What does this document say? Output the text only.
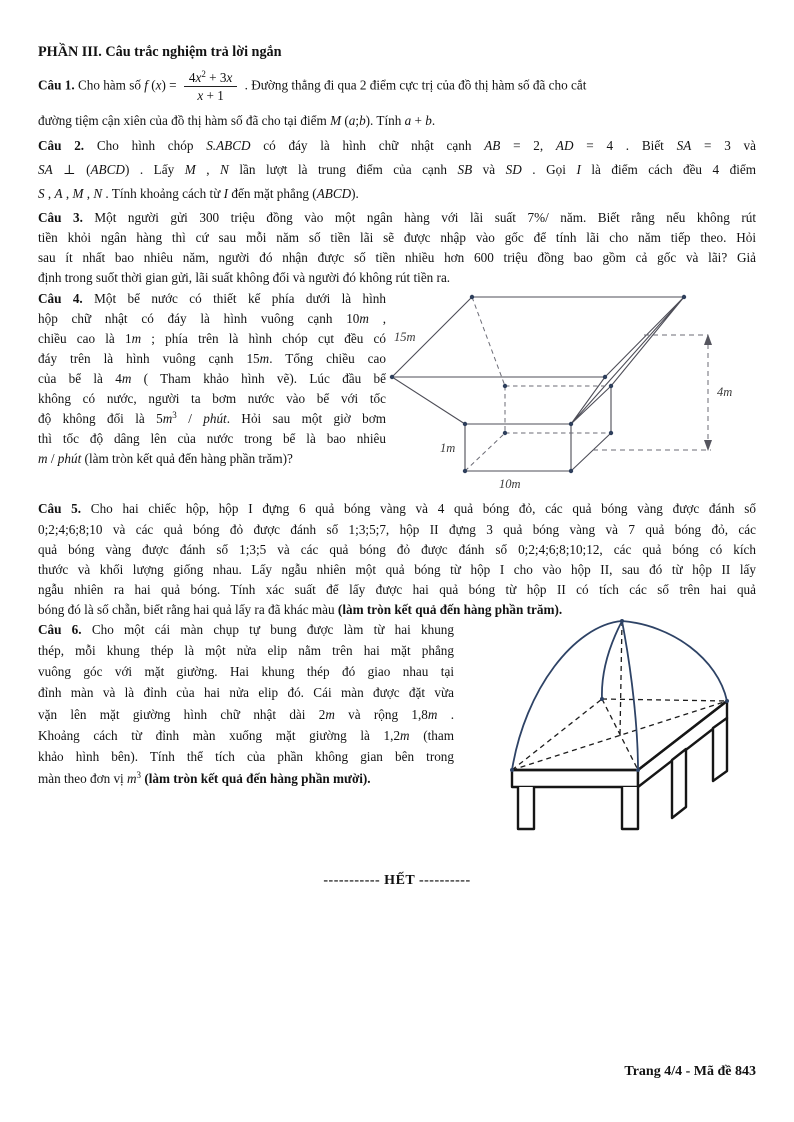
PHẦN III. Câu trắc nghiệm trả lời ngắn
Câu 1. Cho hàm số f $(x) = \frac{4x^2 + 3x}{x + 1}$ . Đường thẳng đi qua 2 điểm cực trị của đồ thị hàm số đã cho cắt
đường tiệm cận xiên của đồ thị hàm số đã cho tại điểm M (a;b). Tính a + b.
Câu 2. Cho hình chóp S.ABCD có đáy là hình chữ nhật cạnh AB = 2, AD = 4 . Biết SA = 3 và
SA ⊥ (ABCD) . Lấy M , N lần lượt là trung điểm của cạnh SB và SD . Gọi I là điểm cách đều 4 điểm
S , A , M , N . Tính khoảng cách từ I đến mặt phẳng (ABCD).
Câu 3. Một người gửi 300 triệu đồng vào một ngân hàng với lãi suất 7%/ năm. Biết rằng nếu không rút
tiền khỏi ngân hàng thì cứ sau mỗi năm số tiền lãi sẽ được nhập vào gốc để tính lãi cho năm tiếp theo. Hỏi
sau ít nhất bao nhiêu năm, người đó nhận được số tiền nhiều hơn 600 triệu đồng bao gồm cả gốc và lãi? Giả
định trong suốt thời gian gửi, lãi suất không đổi và người đó không rút tiền ra.
Câu 4. Một bể nước có thiết kế phía dưới là hình
hộp chữ nhật có đáy là hình vuông cạnh 10m ,
chiều cao là 1m ; phía trên là hình chóp cụt đều có
đáy trên là hình vuông cạnh 15m. Tổng chiều cao
của bể là 4m ( Tham khảo hình vẽ). Lúc đầu bể
không có nước, người ta bơm nước vào bể với tốc
độ không đổi là $5m^3$ / phút. Hỏi sau một giờ bơm
thì tốc độ dâng lên của nước trong bể là bao nhiêu
m / phút (làm tròn kết quả đến hàng phần trăm)?
15m
4m
1m
10m
Câu 5. Cho hai chiếc hộp, hộp I đựng 6 quả bóng vàng và 4 quả bóng đỏ, các quả bóng vàng được đánh số
0;2;4;6;8;10 và các quả bóng đỏ được đánh số 1;3;5;7, hộp II đựng 3 quả bóng vàng và 7 quả bóng đỏ, các
quả bóng vàng được đánh số 1;3;5 và các quả bóng đỏ được đánh số 0;2;4;6;8;10;12, các quả bóng có kích
thước và khối lượng giống nhau. Lấy ngẫu nhiên một quả bóng từ hộp I cho vào hộp II, sau đó từ hộp II lấy
ngẫu nhiên ra hai quả bóng. Tính xác suất để lấy được hai quả bóng từ hộp II có tích các số trên hai quả
bóng đó là số chẵn, biết rằng hai quả lấy ra đã khác màu (làm tròn kết quả đến hàng phần trăm).
Câu 6. Cho một cái màn chụp tự bung được làm từ hai khung
thép, mỗi khung thép là một nửa elip nằm trên hai mặt phẳng
vuông góc với mặt giường. Hai khung thép đó giao nhau tại
đỉnh màn và là đỉnh của hai nửa elip đó. Cái màn được đặt vừa
vặn lên mặt giường hình chữ nhật dài 2m và rộng 1,8m .
Khoảng cách từ đỉnh màn xuống mặt giường là 1,2m (tham
khảo hình bên). Tính thể tích của phần không gian bên trong
màn theo đơn vị $m^3$ (làm tròn kết quả đến hàng phần mười).
----------- HẾT ----------
Trang 4/4 - Mã đề 843
